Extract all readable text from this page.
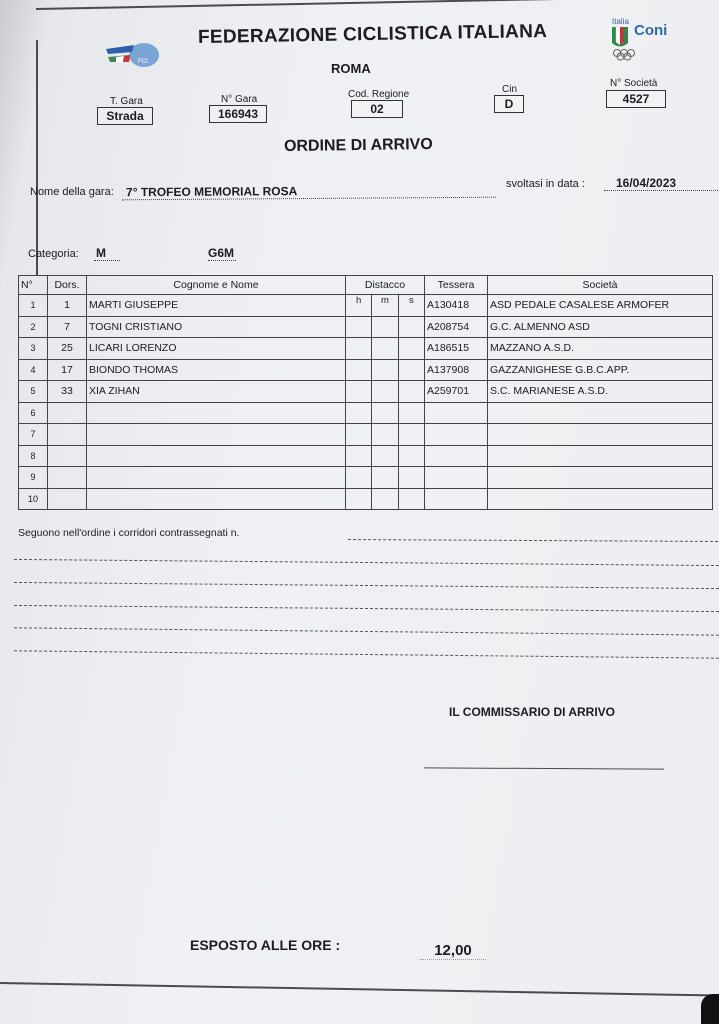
FCI
Italia
Coni
FEDERAZIONE CICLISTICA ITALIANA
ROMA
T. Gara
Strada
N° Gara
166943
Cod. Regione
02
Cin
D
N° Società
4527
ORDINE DI ARRIVO
Nome della gara:	7° TROFEO MEMORIAL ROSA
svoltasi in data :	16/04/2023
Categoria: M	G6M
N°	Dors.	Cognome e Nome	Distacco			Tessera	Società
1	1	MARTI GIUSEPPE	h	m	s	A130418	ASD PEDALE CASALESE ARMOFER
2	7	TOGNI CRISTIANO				A208754	G.C. ALMENNO ASD
3	25	LICARI LORENZO				A186515	MAZZANO A.S.D.
4	17	BIONDO THOMAS				A137908	GAZZANIGHESE G.B.C.APP.
5	33	XIA ZIHAN				A259701	S.C. MARIANESE A.S.D.
6							
7							
8							
9							
10							
Seguono nell'ordine i corridori contrassegnati n.
IL COMMISSARIO DI ARRIVO
ESPOSTO ALLE ORE :	12,00
